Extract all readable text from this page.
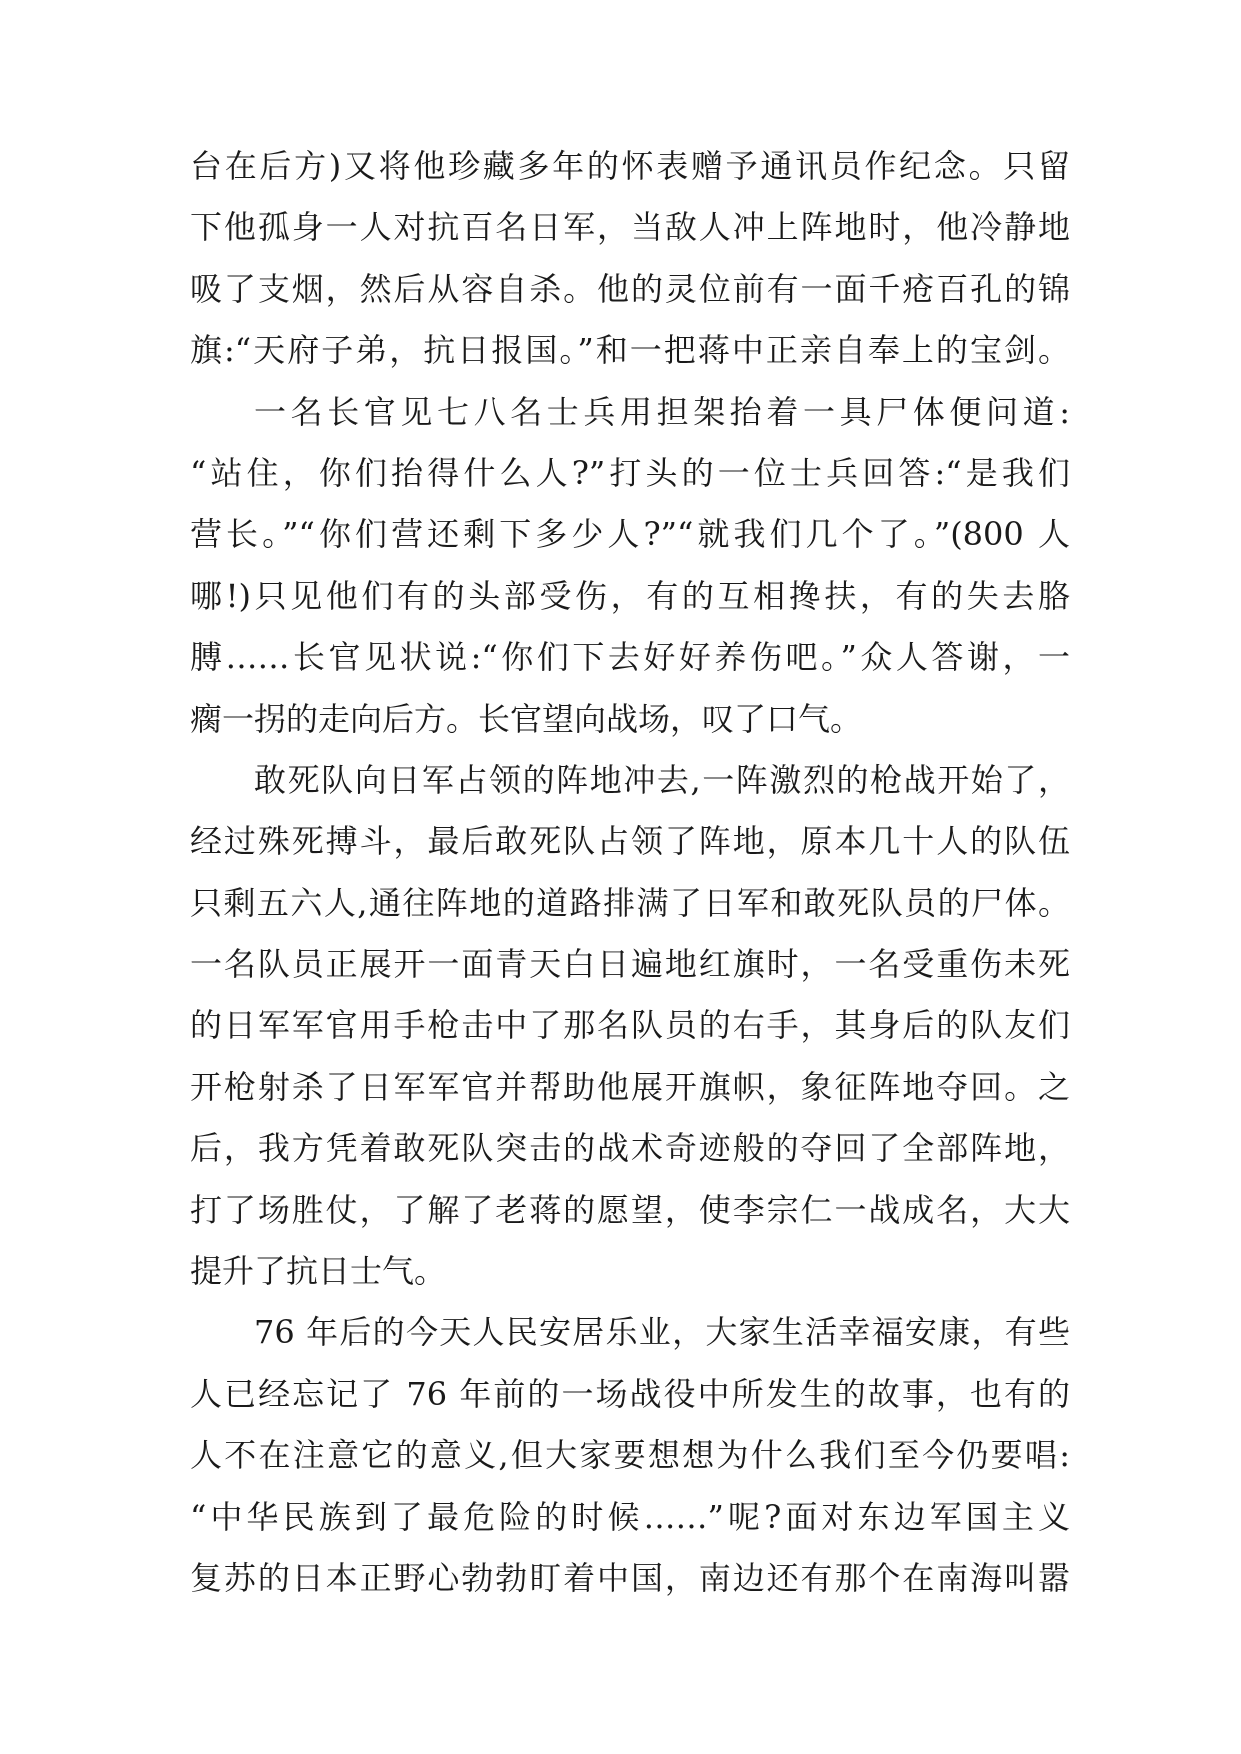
台在后方)又将他珍藏多年的怀表赠予通讯员作纪念。只留
下他孤身一人对抗百名日军，当敌人冲上阵地时，他冷静地
吸了支烟，然后从容自杀。他的灵位前有一面千疮百孔的锦
旗:“天府子弟，抗日报国。”和一把蒋中正亲自奉上的宝剑。
一名长官见七八名士兵用担架抬着一具尸体便问道:
“站住，你们抬得什么人?”打头的一位士兵回答:“是我们
营长。”“你们营还剩下多少人?”“就我们几个了。”(800 人
哪!)只见他们有的头部受伤，有的互相搀扶，有的失去胳
膊……长官见状说:“你们下去好好养伤吧。”众人答谢，一
瘸一拐的走向后方。长官望向战场，叹了口气。
敢死队向日军占领的阵地冲去,一阵激烈的枪战开始了，
经过殊死搏斗，最后敢死队占领了阵地，原本几十人的队伍
只剩五六人,通往阵地的道路排满了日军和敢死队员的尸体。
一名队员正展开一面青天白日遍地红旗时，一名受重伤未死
的日军军官用手枪击中了那名队员的右手，其身后的队友们
开枪射杀了日军军官并帮助他展开旗帜，象征阵地夺回。之
后，我方凭着敢死队突击的战术奇迹般的夺回了全部阵地，
打了场胜仗，了解了老蒋的愿望，使李宗仁一战成名，大大
提升了抗日士气。
76 年后的今天人民安居乐业，大家生活幸福安康，有些
人已经忘记了 76 年前的一场战役中所发生的故事，也有的
人不在注意它的意义,但大家要想想为什么我们至今仍要唱:
“中华民族到了最危险的时候……”呢?面对东边军国主义
复苏的日本正野心勃勃盯着中国，南边还有那个在南海叫嚣
